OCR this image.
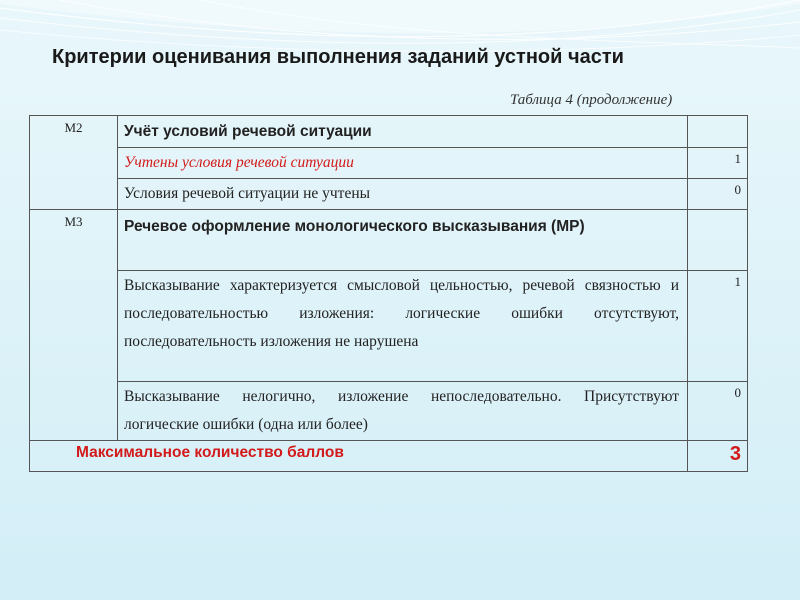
Критерии оценивания выполнения заданий устной части
Таблица 4 (продолжение)
М2	Учёт условий речевой ситуации	
	Учтены условия речевой ситуации	1
	Условия речевой ситуации не учтены	0
М3	Речевое оформление монологического высказывания (МР)	
	Высказывание характеризуется смысловой цельностью, речевой связностью и последовательностью изложения: логические ошибки отсутствуют, последовательность изложения не нарушена	1
	Высказывание нелогично, изложение непоследовательно. Присутствуют логические ошибки (одна или более)	0
Максимальное количество баллов		3
